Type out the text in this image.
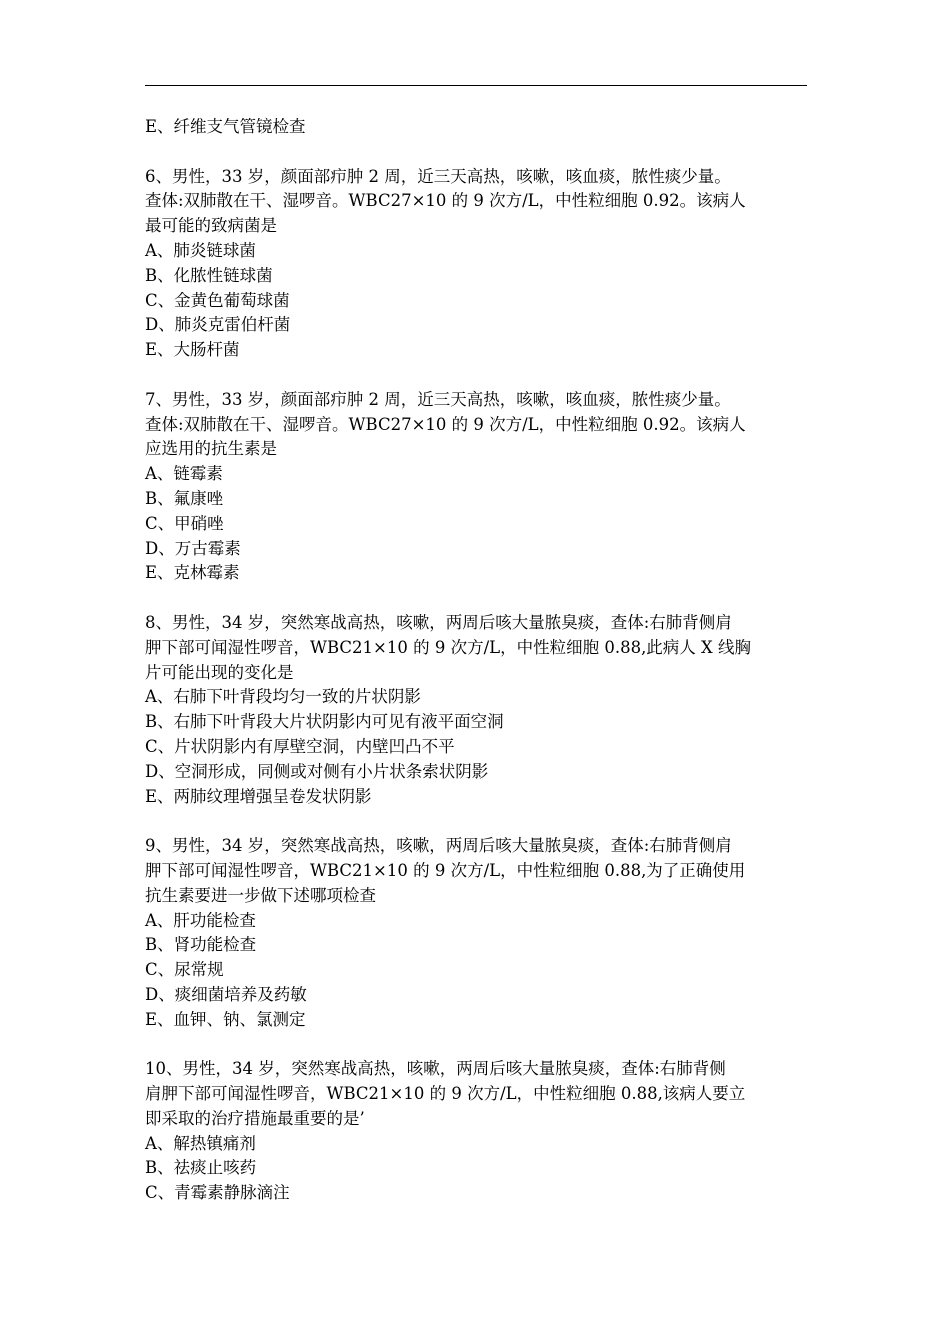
E、纤维支气管镜检查
6、男性，33 岁，颜面部疖肿 2 周，近三天高热，咳嗽，咳血痰，脓性痰少量。
查体:双肺散在干、湿啰音。WBC27×10 的 9 次方/L，中性粒细胞 0.92。该病人
最可能的致病菌是
A、肺炎链球菌
B、化脓性链球菌
C、金黄色葡萄球菌
D、肺炎克雷伯杆菌
E、大肠杆菌
7、男性，33 岁，颜面部疖肿 2 周，近三天高热，咳嗽，咳血痰，脓性痰少量。
查体:双肺散在干、湿啰音。WBC27×10 的 9 次方/L，中性粒细胞 0.92。该病人
应选用的抗生素是
A、链霉素
B、氟康唑
C、甲硝唑
D、万古霉素
E、克林霉素
8、男性，34 岁，突然寒战高热，咳嗽，两周后咳大量脓臭痰，查体:右肺背侧肩
胛下部可闻湿性啰音，WBC21×10 的 9 次方/L，中性粒细胞 0.88,此病人 X 线胸
片可能出现的变化是
A、右肺下叶背段均匀一致的片状阴影
B、右肺下叶背段大片状阴影内可见有液平面空洞
C、片状阴影内有厚壁空洞，内壁凹凸不平
D、空洞形成，同侧或对侧有小片状条索状阴影
E、两肺纹理增强呈卷发状阴影
9、男性，34 岁，突然寒战高热，咳嗽，两周后咳大量脓臭痰，查体:右肺背侧肩
胛下部可闻湿性啰音，WBC21×10 的 9 次方/L，中性粒细胞 0.88,为了正确使用
抗生素要进一步做下述哪项检查
A、肝功能检查
B、肾功能检查
C、尿常规
D、痰细菌培养及药敏
E、血钾、钠、氯测定
10、男性，34 岁，突然寒战高热，咳嗽，两周后咳大量脓臭痰，查体:右肺背侧
肩胛下部可闻湿性啰音，WBC21×10 的 9 次方/L，中性粒细胞 0.88,该病人要立
即采取的治疗措施最重要的是’
A、解热镇痛剂
B、祛痰止咳药
C、青霉素静脉滴注
